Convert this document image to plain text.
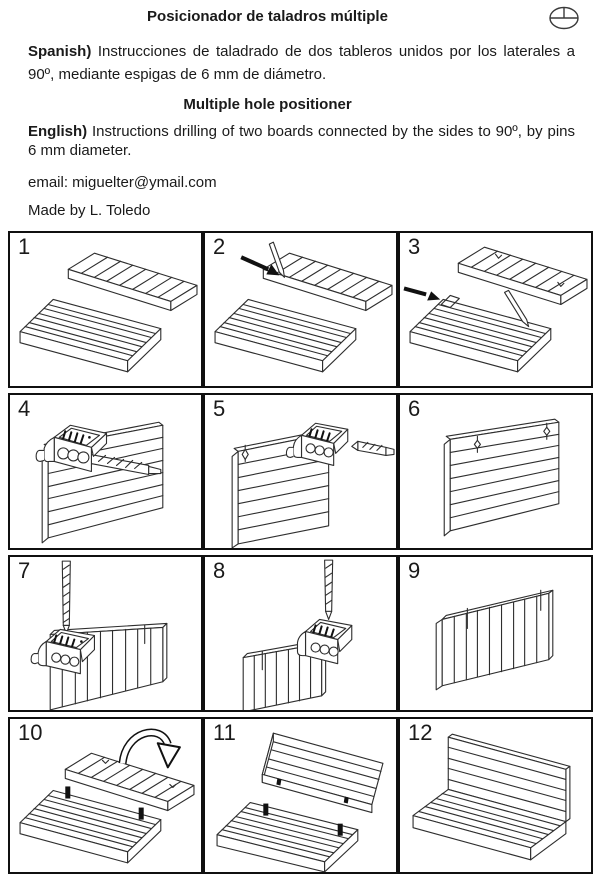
Posicionador de taladros múltiple

Spanish) Instrucciones de taladrado de dos tableros unidos por los laterales a 90º, mediante espigas de 6 mm de diámetro.

Multiple hole positioner

English) Instructions drilling of two boards connected by the sides to 90º, by pins 6 mm diameter.

email: miguelter@ymail.com

Made by L. Toledo

1	2	3
4	5	6
7	8	9
10	11	12
